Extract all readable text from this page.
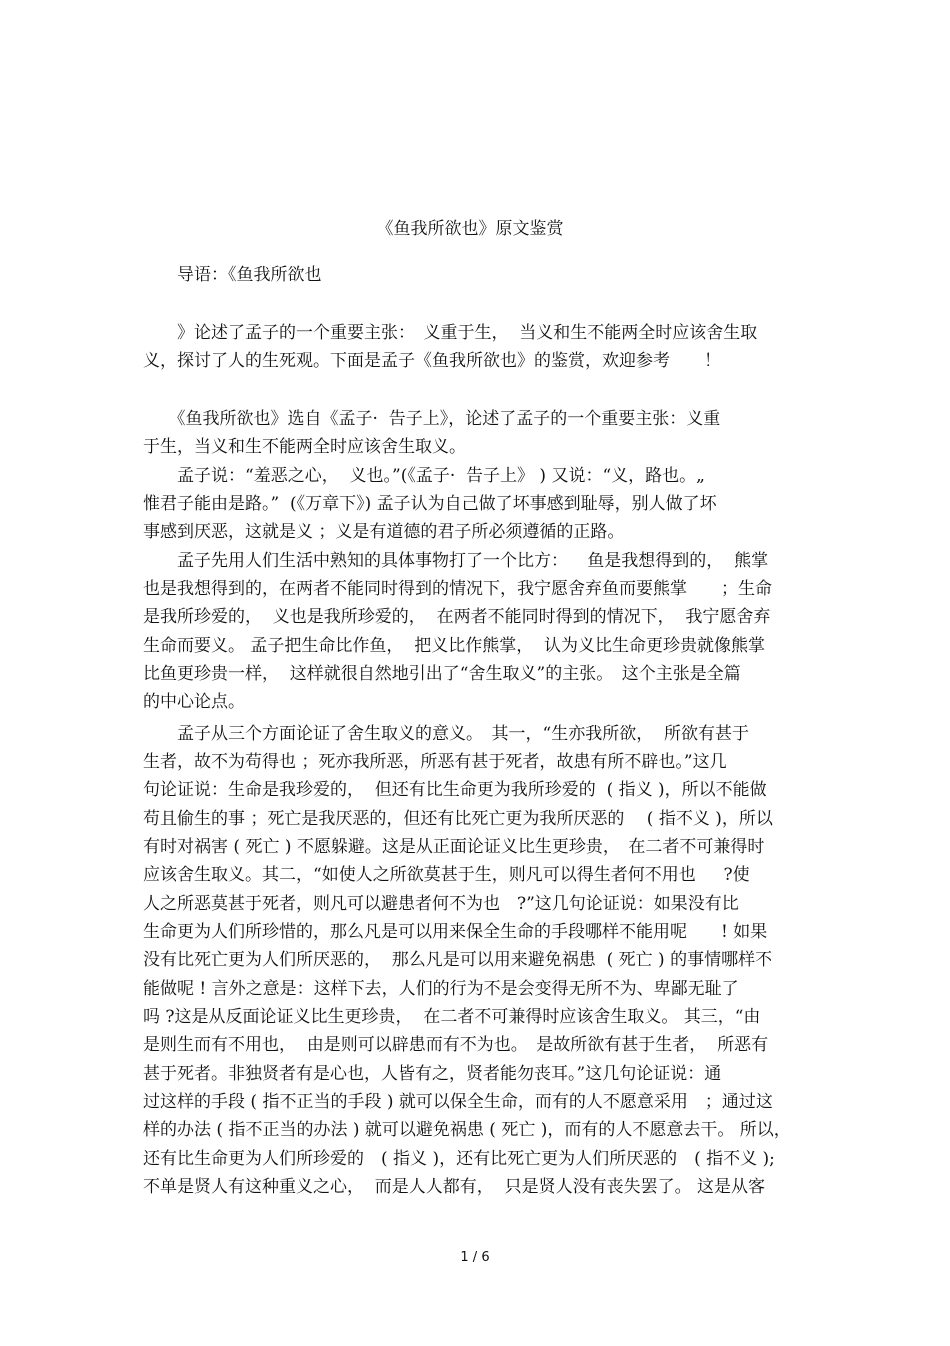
《鱼我所欲也》原文鉴赏
　　导语：《鱼我所欲也
　　》论述了孟子的一个重要主张：　义重于生，  当义和生不能两全时应该舍生取
义，探讨了人的生死观。下面是孟子《鱼我所欲也》的鉴赏，欢迎参考　　！
　　《鱼我所欲也》选自《孟子·  告子上》，论述了孟子的一个重要主张：义重
于生，当义和生不能两全时应该舍生取义。
　　孟子说：“羞恶之心，  义也。”(《孟子·  告子上》 ) 又说：“义，路也。„
惟君子能由是路。”  (《万章下》) 孟子认为自己做了坏事感到耻辱，别人做了坏
事感到厌恶，这就是义 ；义是有道德的君子所必须遵循的正路。
　　孟子先用人们生活中熟知的具体事物打了一个比方：　  鱼是我想得到的，  熊掌
也是我想得到的，在两者不能同时得到的情况下，我宁愿舍弃鱼而要熊掌　　；生命
是我所珍爱的，  义也是我所珍爱的，  在两者不能同时得到的情况下，  我宁愿舍弃
生命而要义。 孟子把生命比作鱼，  把义比作熊掌，  认为义比生命更珍贵就像熊掌
比鱼更珍贵一样，  这样就很自然地引出了“舍生取义”的主张。　这个主张是全篇
的中心论点。
　　孟子从三个方面论证了舍生取义的意义。　其一，“生亦我所欲，  所欲有甚于
生者，故不为苟得也 ；死亦我所恶，所恶有甚于死者，故患有所不辟也。”这几
句论证说：生命是我珍爱的，  但还有比生命更为我所珍爱的  ( 指义 )，所以不能做
苟且偷生的事 ；死亡是我厌恶的，但还有比死亡更为我所厌恶的　 ( 指不义 )，所以
有时对祸害 ( 死亡 ) 不愿躲避。这是从正面论证义比生更珍贵，　在二者不可兼得时
应该舍生取义。其二，“如使人之所欲莫甚于生，则凡可以得生者何不用也　  ?使
人之所恶莫甚于死者，则凡可以避患者何不为也　?”这几句论证说：如果没有比
生命更为人们所珍惜的，那么凡是可以用来保全生命的手段哪样不能用呢　　! 如果
没有比死亡更为人们所厌恶的，  那么凡是可以用来避免祸患  ( 死亡 ) 的事情哪样不
能做呢 ! 言外之意是：这样下去，人们的行为不是会变得无所不为、卑鄙无耻了
吗 ?这是从反面论证义比生更珍贵，  在二者不可兼得时应该舍生取义。 其三，“由
是则生而有不用也，  由是则可以辟患而有不为也。　是故所欲有甚于生者，  所恶有
甚于死者。非独贤者有是心也，人皆有之，贤者能勿丧耳。”这几句论证说：通
过这样的手段 ( 指不正当的手段 ) 就可以保全生命，而有的人不愿意采用　；通过这
样的办法 ( 指不正当的办法 ) 就可以避免祸患 ( 死亡 )，而有的人不愿意去干。 所以，
还有比生命更为人们所珍爱的　( 指义 )，还有比死亡更为人们所厌恶的　( 指不义 );
不单是贤人有这种重义之心，  而是人人都有，  只是贤人没有丧失罢了。 这是从客
1 / 6
